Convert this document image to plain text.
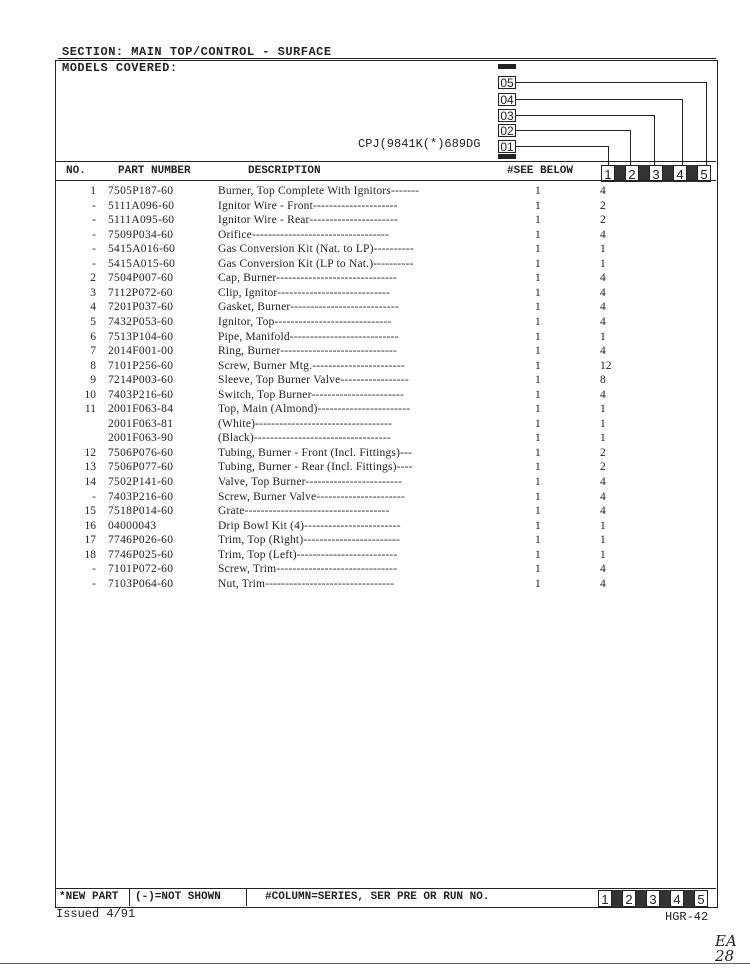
SECTION: MAIN TOP/CONTROL - SURFACE
MODELS COVERED:
CPJ(9841K(*)689DG
05
04
03
02
01
NO.	PART NUMBER	DESCRIPTION	#SEE BELOW 1 2 3 4 5
1 7505P187-60	Burner, Top Complete With Ignitors-------	1	4
- 5111A096-60	Ignitor Wire - Front---------------------	1	2
- 5111A095-60	Ignitor Wire - Rear----------------------	1	2
- 7509P034-60	Orifice----------------------------------	1	4
- 5415A016-60	Gas Conversion Kit (Nat. to LP)----------	1	1
- 5415A015-60	Gas Conversion Kit (LP to Nat.)----------	1	1
2 7504P007-60	Cap, Burner------------------------------	1	4
3 7112P072-60	Clip, Ignitor----------------------------	1	4
4 7201P037-60	Gasket, Burner---------------------------	1	4
5 7432P053-60	Ignitor, Top-----------------------------	1	4
6 7513P104-60	Pipe, Manifold---------------------------	1	1
7 2014F001-00	Ring, Burner-----------------------------	1	4
8 7101P256-60	Screw, Burner Mtg.-----------------------	1	12
9 7214P003-60	Sleeve, Top Burner Valve-----------------	1	8
10 7403P216-60	Switch, Top Burner-----------------------	1	4
11 2001F063-84	Top, Main (Almond)-----------------------	1	1
2001F063-81	(White)----------------------------------	1	1
2001F063-90	(Black)----------------------------------	1	1
12 7506P076-60	Tubing, Burner - Front (Incl. Fittings)---	1	2
13 7506P077-60	Tubing, Burner - Rear (Incl. Fittings)----	1	2
14 7502P141-60	Valve, Top Burner------------------------	1	4
- 7403P216-60	Screw, Burner Valve----------------------	1	4
15 7518P014-60	Grate------------------------------------	1	4
16 04000043	Drip Bowl Kit (4)------------------------	1	1
17 7746P026-60	Trim, Top (Right)------------------------	1	1
18 7746P025-60	Trim, Top (Left)-------------------------	1	1
- 7101P072-60	Screw, Trim------------------------------	1	4
- 7103P064-60	Nut, Trim--------------------------------	1	4
*NEW PART (-)=NOT SHOWN	#COLUMN=SERIES, SER PRE OR RUN NO.	1 2 3 4 5
Issued 4/91	HGR-42
EA
28
